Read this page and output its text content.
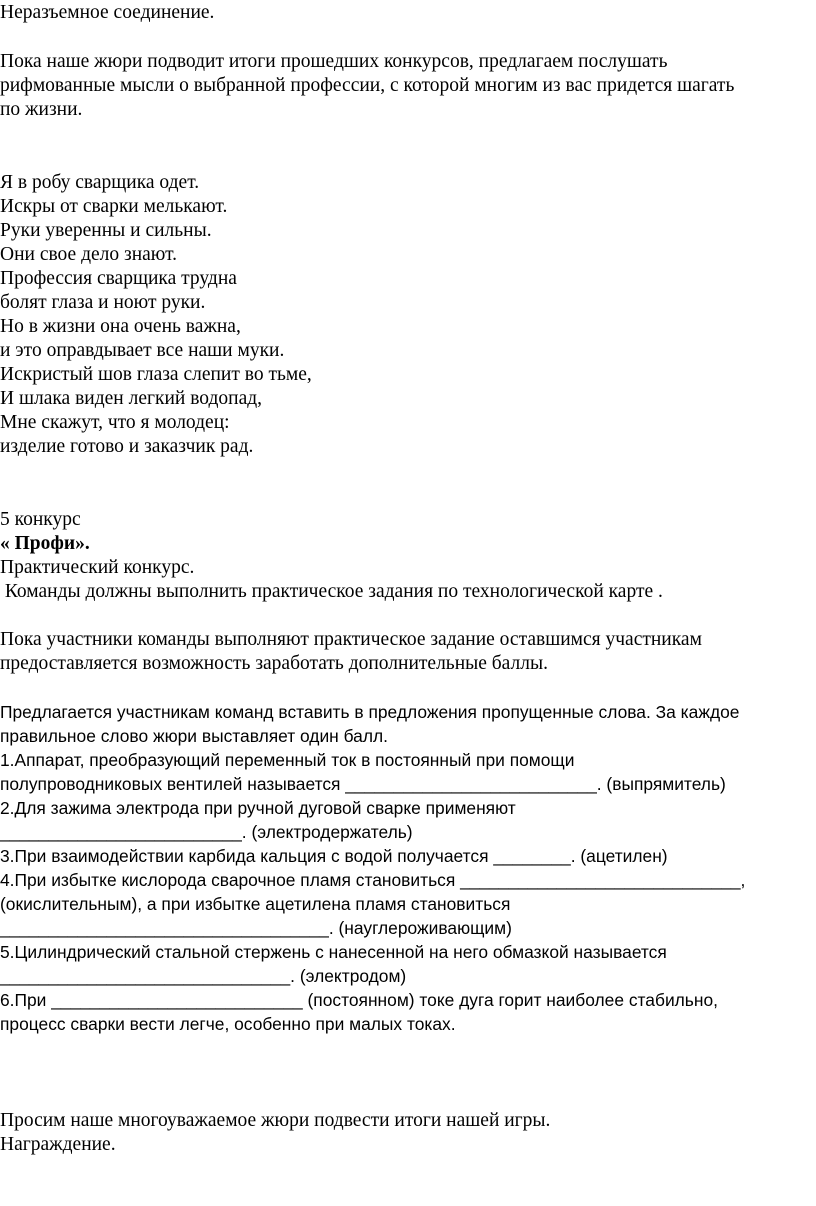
Неразъемное соединение.
Пока наше жюри подводит итоги прошедших конкурсов, предлагаем послушать
рифмованные мысли о выбранной профессии, с которой многим из вас придется шагать
по жизни.
Я в робу сварщика одет.
Искры от сварки мелькают.
Руки уверенны и сильны.
Они свое дело знают.
Профессия сварщика трудна
болят глаза и ноют руки.
Но в жизни она очень важна,
и это оправдывает все наши муки.
Искристый шов глаза слепит во тьме,
И шлака виден легкий водопад,
Мне скажут, что я молодец:
изделие готово и заказчик рад.
5 конкурс
« Профи».
Практический конкурс.
Команды должны выполнить практическое задания по технологической карте .
Пока участники команды выполняют практическое задание оставшимся участникам
предоставляется возможность заработать дополнительные баллы.
Предлагается участникам команд вставить в предложения пропущенные слова. За каждое
правильное слово жюри выставляет один балл.
1.Аппарат, преобразующий переменный ток в постоянный при помощи
полупроводниковых вентилей называется __________________________. (выпрямитель)
2.Для зажима электрода при ручной дуговой сварке применяют
_________________________. (электродержатель)
3.При взаимодействии карбида кальция с водой получается ________. (ацетилен)
4.При избытке кислорода сварочное пламя становиться _____________________________,
(окислительным), а при избытке ацетилена пламя становиться
__________________________________. (науглероживающим)
5.Цилиндрический стальной стержень с нанесенной на него обмазкой называется
______________________________. (электродом)
6.При __________________________ (постоянном) токе дуга горит наиболее стабильно,
процесс сварки вести легче, особенно при малых токах.
Просим наше многоуважаемое жюри подвести итоги нашей игры.
Награждение.
